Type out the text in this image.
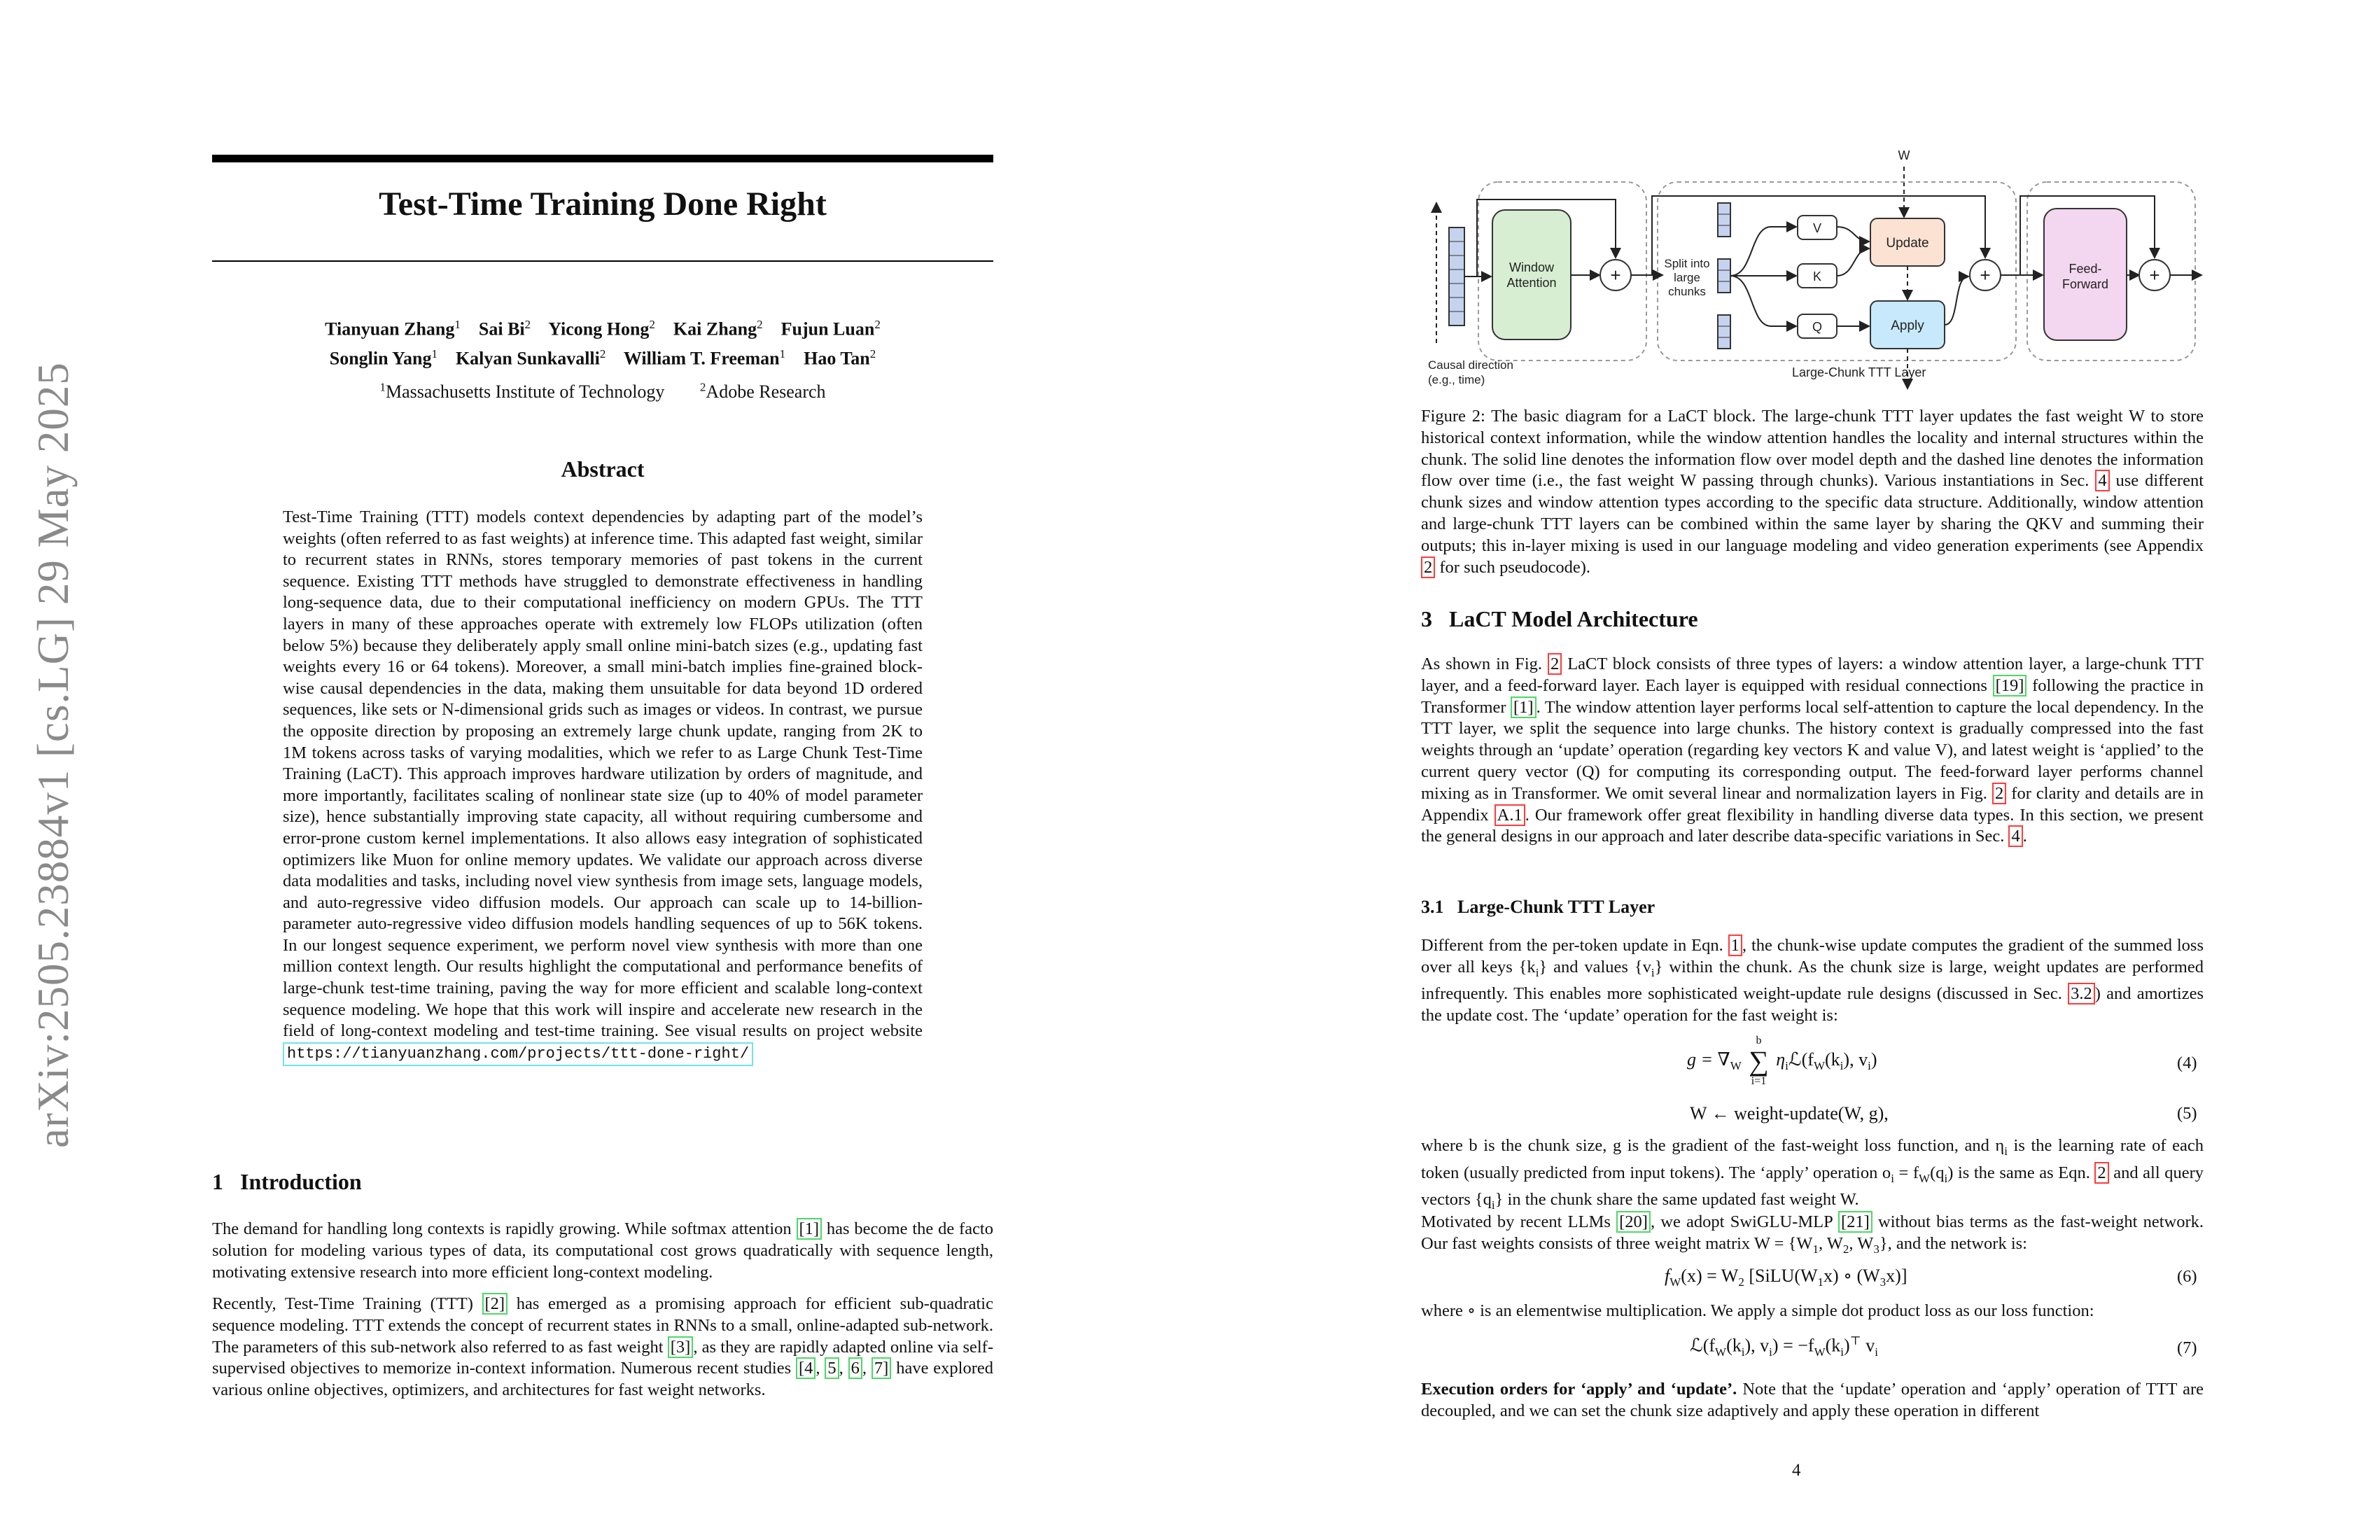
arXiv:2505.23884v1 [cs.LG] 29 May 2025
Test-Time Training Done Right
Tianyuan Zhang$^1$ Sai Bi$^2$ Yicong Hong$^2$ Kai Zhang$^2$ Fujun Luan$^2$
Songlin Yang$^1$ Kalyan Sunkavalli$^2$ William T. Freeman$^1$ Hao Tan$^2$
$^1$Massachusetts Institute of Technology	$^2$Adobe Research
Abstract
Test-Time Training (TTT) models context dependencies by adapting part of the model’s weights (often referred to as fast weights) at inference time. This adapted fast weight, similar to recurrent states in RNNs, stores temporary memories of past tokens in the current sequence. Existing TTT methods have struggled to demonstrate effectiveness in handling long-sequence data, due to their computational inefficiency on modern GPUs. The TTT layers in many of these approaches operate with extremely low FLOPs utilization (often below 5%) because they deliberately apply small online mini-batch sizes (e.g., updating fast weights every 16 or 64 tokens). Moreover, a small mini-batch implies fine-grained block-wise causal dependencies in the data, making them unsuitable for data beyond 1D ordered sequences, like sets or N-dimensional grids such as images or videos. In contrast, we pursue the opposite direction by proposing an extremely large chunk update, ranging from 2K to 1M tokens across tasks of varying modalities, which we refer to as Large Chunk Test-Time Training (LaCT). This approach improves hardware utilization by orders of magnitude, and more importantly, facilitates scaling of nonlinear state size (up to 40% of model parameter size), hence substantially improving state capacity, all without requiring cumbersome and error-prone custom kernel implementations. It also allows easy integration of sophisticated optimizers like Muon for online memory updates. We validate our approach across diverse data modalities and tasks, including novel view synthesis from image sets, language models, and auto-regressive video diffusion models. Our approach can scale up to 14-billion-parameter auto-regressive video diffusion models handling sequences of up to 56K tokens. In our longest sequence experiment, we perform novel view synthesis with more than one million context length. Our results highlight the computational and performance benefits of large-chunk test-time training, paving the way for more efficient and scalable long-context sequence modeling. We hope that this work will inspire and accelerate new research in the field of long-context modeling and test-time training. See visual results on project website https://tianyuanzhang.com/projects/ttt-done-right/
1 Introduction
The demand for handling long contexts is rapidly growing. While softmax attention [1] has become the de facto solution for modeling various types of data, its computational cost grows quadratically with sequence length, motivating extensive research into more efficient long-context modeling.
Recently, Test-Time Training (TTT) [2] has emerged as a promising approach for efficient sub-quadratic sequence modeling. TTT extends the concept of recurrent states in RNNs to a small, online-adapted sub-network. The parameters of this sub-network also referred to as fast weight [3] , as they are rapidly adapted online via self-supervised objectives to memorize in-context information. Numerous recent studies [4 , 5 , 6 , 7] have explored various online objectives, optimizers, and architectures for fast weight networks.
W
Window
Attention	+
Split into
large
chunks
V
K
Q
Update
Apply
+	Feed-
Forward +
Causal direction
(e.g., time)
Large-Chunk TTT Layer
Figure 2: The basic diagram for a LaCT block. The large-chunk TTT layer updates the fast weight W to store historical context information, while the window attention handles the locality and internal structures within the chunk. The solid line denotes the information flow over model depth and the dashed line denotes the information flow over time (i.e., the fast weight W passing through chunks). Various instantiations in Sec. 4 use different chunk sizes and window attention types according to the specific data structure. Additionally, window attention and large-chunk TTT layers can be combined within the same layer by sharing the QKV and summing their outputs; this in-layer mixing is used in our language modeling and video generation experiments (see Appendix 2 for such pseudocode).
3 LaCT Model Architecture
As shown in Fig. 2 LaCT block consists of three types of layers: a window attention layer, a large-chunk TTT layer, and a feed-forward layer. Each layer is equipped with residual connections [19] following the practice in Transformer [1] . The window attention layer performs local self-attention to capture the local dependency. In the TTT layer, we split the sequence into large chunks. The history context is gradually compressed into the fast weights through an ‘update’ operation (regarding key vectors K and value V), and latest weight is ‘applied’ to the current query vector (Q) for computing its corresponding output. The feed-forward layer performs channel mixing as in Transformer. We omit several linear and normalization layers in Fig. 2 for clarity and details are in Appendix A.1 . Our framework offer great flexibility in handling diverse data types. In this section, we present the general designs in our approach and later describe data-specific variations in Sec. 4 .
3.1 Large-Chunk TTT Layer
Different from the per-token update in Eqn. 1 , the chunk-wise update computes the gradient of the summed loss over all keys $\{k_i\}$ and values $\{v_i\}$ within the chunk. As the chunk size is large, weight updates are performed infrequently. This enables more sophisticated weight-update rule designs (discussed in Sec. 3.2 ) and amortizes the update cost. The ‘update’ operation for the fast weight is:
$g = \nabla_W$
b
∑
i=1
$\eta_iℒ(f_W(k_i)$, $v_i$)	(4)
W ← weight-update(W, g),	(5)
where b is the chunk size, g is the gradient of the fast-weight loss function, and $\eta_i$ is the learning rate of each token (usually predicted from input tokens). The ‘apply’ operation $o_i = f_W(q_i)$ is the same as Eqn. 2 and all query vectors $\{q_i\}$ in the chunk share the same updated fast weight W.
Motivated by recent LLMs [20] , we adopt SwiGLU-MLP [21] without bias terms as the fast-weight network. Our fast weights consists of three weight matrix $W = \{W_1$, $W_2$, $W_3$}, and the network is:
$f_W(x) = W_2$ [$SiLU(W_1x)$ ∘ $(W_3x)$]	(6)
where ∘ is an elementwise multiplication. We apply a simple dot product loss as our loss function:
$ℒ(f_W(k_i)$, $v_i) = -f_W(k_i)^⊤$ $v_i$	(7)
Execution orders for ‘apply’ and ‘update’. Note that the ‘update’ operation and ‘apply’ operation of TTT are decoupled, and we can set the chunk size adaptively and apply these operation in different
4
